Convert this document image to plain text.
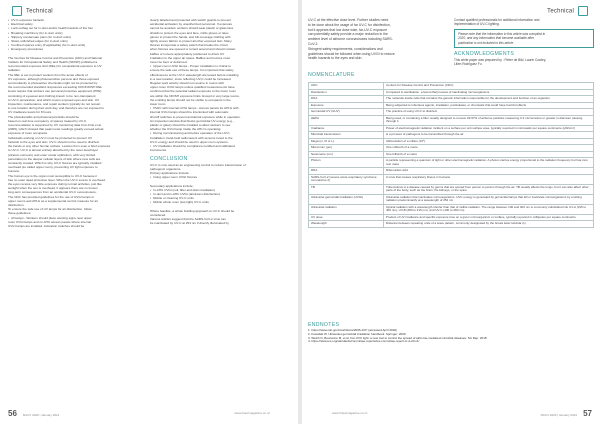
Technical
• UV-C exposure hazards
• Electrical safety
• Lock out/tag out for in-duct and/or health hazards of the fum
• Breaking machinery (for in-duct units)
• Slippery condensate pans (for in-duct units)
• Sharp unfinished edges (for in-duct units)
• Confined spaces entry (if applicable) (for in-duct units)
• Emergency procedures

The Centres for Disease Control and Prevention (CDC) and National
Institute for Occupational Safety and Health (NIOSH) published a
recommended exposure limit (REL) for occupational exposure to UV
radiation.
The REL is set to protect workers from the acute effects of
UV exposure, although photosensitive persons and those exposed
concomitantly to photoactive chemicals might not be protected by
the recommended standard. Exposures exceeding CDC/NIOSH REL
levels require that workers use personal protective equipment (PPE)
consisting of eyewear and clothing known to be non-transparent
to UV-C penetration, and which covers exposed eyes and skin. UV
inspection, maintenance, and repair workers typically do not remain
in one location during their work day, and therefore are not exposed to
UV irradiance levels for 8 hours.
The photokeratitis and photoconjunctivitis should be
based on real time occupancy of spaces treated by UV-C.
recommendation is supported by UV monitoring data from First et al.
(2005), which showed that peak meter readings greatly exceed actual
exposure of room occupants.
Individuals working on UV-C must be protected to prevent UV
hazards to the eyes and skin. UV-C should not be used to disinfect
the hands or any other human surface. Lesions from even a brief exposure
to UV-C. UV-C is almost entirely absorbed by the outer dead layer
(stratum corneum) and outer ocular epithelium, with very limited
penetration to the deeper cellular layers of skin where new cells are
constantly created. Which is why UV-C fixtures are typically installed
overhead (so called upper room), preventing UV light exposure to
humans.
The human eye is the organ most susceptible to UV-C because it
has no outer dead protective layer. When the UV-C source is overhead,
the eyes receive very little exposure during normal activities, just like
sunlight when the sun is overhead. It appears there are no known
long-term consequences from an accidental UV-C overexposure.
The CDC has provided guidelines for the use of UVGI lamps in
upper rooms and AHUs as a supplemental control measure for air
disinfection.
To ensure the safe use of UV lamps for air disinfection, follow
these guidelines:
• All lamps - Workers should place warning signs near upper
room UVGI lamps and on AHU access panels where internal
UVGI lamps are installed. Activation switches should be
clearly labelled and protected with switch guards to prevent
accidental activation by unauthorized personnel. If exposure
cannot be avoided, workers should wear plastic or glass face
shields to protect the eyes and face, nitrile gloves or latex
gloves to protect the hands, and full-coverage clothing with
tightly woven fabrics to protect all other exposed skin. Many
fixtures incorporate a safety switch that breaks the circuit
when fixtures are opened or turned around and should contain
baffles or louvers appropriately positioned to direct UV
irradiation to the upper air space. Baffles and louvres must
never be bent or deformed.
• Upper-room UVGI lamps - Proper installation is critical to
ensure the safe use of these lamps. It is important that safety
effectiveness at the UV-C wavelength are tested before installing
in a new location, since reflecting UV-C could be increased.
Regular work activity should not resume in rooms with
upper-room UVGI lamps unless qualified measurements have
confirmed that the potential radiant exposure to the lower room
are within the NIOSH exposure limits. Except in very large rooms,
the emitting lamps should not be visible to occupants in the
lower room.
• HVAC with internal UVGI lamps - Access panels for AHUs with
internal UVGI lamps should be interlocked with automatic
shutoff switches to prevent accidental exposure while in operation.
An inspection window that blocks germicidal UV energy (e.g.,
plastic or glass) should be installed to allow workers to see
whether the UVGI lamp inside the AHU is operating.
• During commissioning and before operation of the UV-C
installation, hand-held radiometers with sensors tuned to the
UV-C energy and should be used in upper room systems.
• UV irradiation should be compliance-certified and calibrated
instruments.
CONCLUSION
UV-C is now used as an engineering control to reduce transmission of
pathogenic organisms.
Primary applications include:
• Using upper-room UVGI fixtures

Secondary applications include:
• In-AHU UVGI (coil, filter and drain irradiation)
• In-duct and in-AHU UVGI (airstream disinfection)
• Mobile or cleaning UV-C units
• Mobile whole room (low light) UV-C units

Where feasible, a whole building approach to UV-C should be
considered.
Various articles suggest that the SARS-CoV-2 virus can
be inactivated by UV-C at 254 nm if directly illuminated by
56 RACV 2020 | January 2021	www.rhavcmagazine.co.nz
Technical
UV-C at the effective dose level. Further studies need
to be done about the usage of far UV-C for disinfection,
but it appears that low dose wise, far-UV-C exposure
can potentially safely provide a major reduction in the
ambient level of airborne coronaviruses including SARS-
CoV-2.
Stringent safety requirements, considerations and
guidelines should be followed when using UVGI to reduce
health hazards to the eyes and skin.
Contact qualified professionals for additional information and
implementation of UV-C lighting.
Please note that the information in this article was compiled in
2020, and any information that became available after
publication is not included in this article.
ACKNOWLEDGMENTS
This white paper was prepared by : Pieter de Bild, Laurie Cowley,
Lilien Rodriguez Fu
NOMENCLATURE
CDC	Centers for Disease Control and Prevention (CDC)
Disinfection	Compared to sterilisation, a less lethal process of inactivating microorganisms
DNA	The molecule inside cells that contains the genetic information responsible for the development and function of an organism
Exposure	Being subjected to infectious agents, irradiation, particulates, or chemicals that could have harmful effects
Germicidal UV (GUV)	The practice of using UV-C to disinfect
HEPA	Being used, or containing a filter usually designed to remove 99.97% of airborne particles measuring 0.3 micrometres or greater in diameter passing through it
Irradiance	Power of electromagnetic radiation incident on a surface per unit surface area, typically reported in microwatts per square centimetre (µW/cm²)
Microbial transmission	is a process of pathogens to be transmitted through the air
Mega (m, M or L)	Abbreviation of a million (10⁶)
Micron/um (µm)	One millionth of a metre
Nanometre (nm)	One billionth of a metre
Photon	A particle representing a quantum of light or other electromagnetic radiation. A photon carries energy proportional to the radiation frequency but has zero rest mass
RNA	Ribonucleic acid
SARS-CoV-2 (severe acute respiratory syndrome coronavirus 2)	A virus that causes respiratory illness in humans
TB	Tuberculosis is a disease caused by germs that are spread from person to person through the air. TB usually affects the lungs, but it can also affect other parts of the body, such as the brain, the kidneys, or the spine
Ultraviolet germicidal irradiation (UVGI)	Ultraviolet radiation that inactivates microorganisms. UVC energy is generated by germicidal lamps that kill or inactivate microorganisms by emitting radiation predominantly at a wavelength of 254 nm
Ultraviolet radiation	Optical radiation with a wavelength shorter than that of visible radiation. The range between 100 and 400 nm is commonly subdivided into UV-A (315 to 400 nm), UV-B (280 to 315 nm), and UV-C (100 to 280 nm)
UV dose	Product of UV irradiance and specific exposure time on a given microorganism or surface, typically reported in millijoules per square centimetre
Wavelength	Distance between repeating units of a wave pattern, commonly designated by the Greek letter lambda (λ)
ENDNOTES
1. https://www.cdc.gov/niosh/docs/2006-107/ (accessed April 2020)
2. Kowalski W. Ultraviolet germicidal irradiation handbook. Springer; 2009
3. Welch D, Buonanno M, et al. Far-UVC light: a new tool to control the spread of airborne-mediated microbial diseases. Sci Rep. 2018
4. https://www.ies.org/standards/committee-reports/ies-committee-report-cr-2-20-v1/
www.rhavcmagazine.co.nz	RACV 2020 | January 2021 57
